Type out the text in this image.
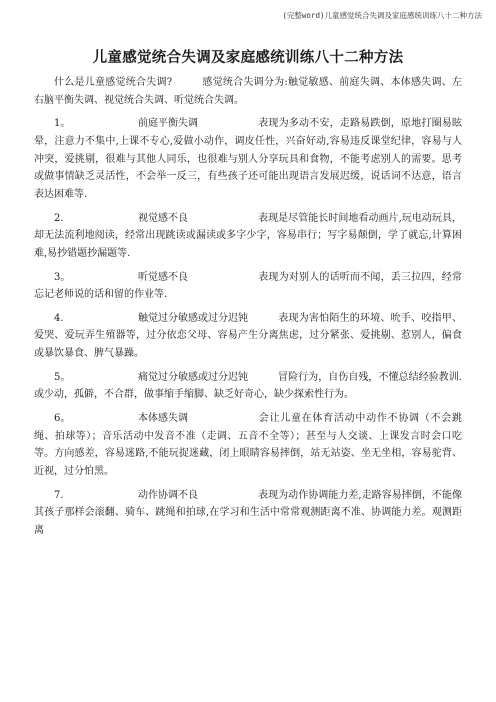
(完整word)儿童感觉统合失调及家庭感统训练八十二种方法
儿童感觉统合失调及家庭感统训练八十二种方法

什么是儿童感觉统合失调?	感觉统合失调分为:触觉敏感、前庭失调、本体感失调、左右脑平衡失调、视觉统合失调、听觉统合失调。

1。	前庭平衡失调	表现为多动不安，走路易跌倒，原地打圈易眩晕，注意力不集中,上课不专心,爱做小动作，调皮任性，兴奋好动,容易违反课堂纪律，容易与人冲突，爱挑剔，很难与其他人同乐，也很难与别人分享玩具和食物，不能考虑别人的需要。思考或做事情缺乏灵活性，不会举一反三，有些孩子还可能出现语言发展迟缓，说话词不达意，语言表达困难等.

2.	视觉感不良	表现是尽管能长时间地看动画片,玩电动玩具，却无法流利地阅读，经常出现跳读或漏读或多字少字，容易串行；写字易颠倒，学了就忘,计算困难,易抄错题抄漏题等.

3。	听觉感不良	表现为对别人的话听而不闻，丢三拉四，经常忘记老师说的话和留的作业等.

4.	触觉过分敏感或过分迟钝	表现为害怕陌生的环境、吮手、咬指甲、爱哭、爱玩弄生殖器等，过分依恋父母、容易产生分离焦虑，过分紧张、爱挑剔、惹别人，偏食或暴饮暴食、脾气暴躁。

5。	痛觉过分敏感或过分迟钝	冒险行为，自伤自残，不懂总结经验教训.或少动，孤僻，不合群，做事缩手缩脚、缺乏好奇心，缺少探索性行为。

6。	本体感失调	会让儿童在体育活动中动作不协调（不会跳绳、拍球等）；音乐活动中发音不准（走调、五音不全等）；甚至与人交谈、上课发言时会口吃等。方向感差，容易迷路,不能玩捉迷藏，闭上眼睛容易摔倒，站无站姿、坐无坐相，容易驼背、近视，过分怕黑。

7.	动作协调不良	表现为动作协调能力差,走路容易摔倒，不能像其孩子那样会滚翻、骑车、跳绳和拍球,在学习和生活中常常观测距离不准、协调能力差。观测距离
